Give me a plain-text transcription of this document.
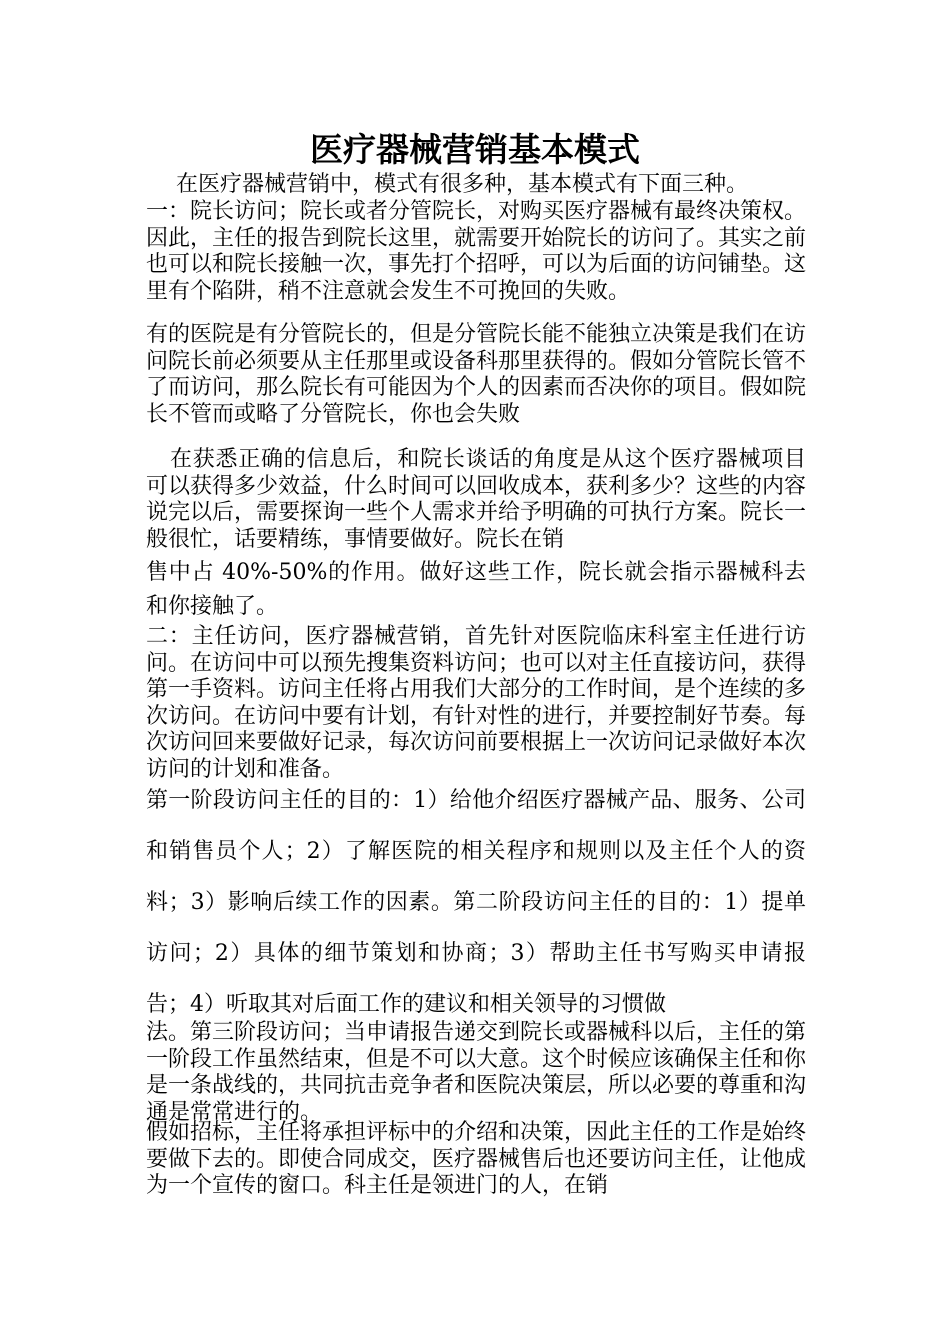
医疗器械营销基本模式

在医疗器械营销中，模式有很多种，基本模式有下面三种。

一：院长访问；院长或者分管院长，对购买医疗器械有最终决策权。因此，主任的报告到院长这里，就需要开始院长的访问了。其实之前也可以和院长接触一次，事先打个招呼，可以为后面的访问铺垫。这里有个陷阱，稍不注意就会发生不可挽回的失败。

有的医院是有分管院长的，但是分管院长能不能独立决策是我们在访问院长前必须要从主任那里或设备科那里获得的。假如分管院长管不了而访问，那么院长有可能因为个人的因素而否决你的项目。假如院长不管而或略了分管院长，你也会失败

在获悉正确的信息后，和院长谈话的角度是从这个医疗器械项目可以获得多少效益，什么时间可以回收成本，获利多少？这些的内容说完以后，需要探询一些个人需求并给予明确的可执行方案。院长一般很忙，话要精练，事情要做好。院长在销

售中占 40%-50%的作用。做好这些工作，院长就会指示器械科去和你接触了。

二：主任访问，医疗器械营销，首先针对医院临床科室主任进行访问。在访问中可以预先搜集资料访问；也可以对主任直接访问，获得第一手资料。访问主任将占用我们大部分的工作时间，是个连续的多次访问。在访问中要有计划，有针对性的进行，并要控制好节奏。每次访问回来要做好记录，每次访问前要根据上一次访问记录做好本次访问的计划和准备。

第一阶段访问主任的目的：1）给他介绍医疗器械产品、服务、公司和销售员个人；2）了解医院的相关程序和规则以及主任个人的资料；3）影响后续工作的因素。第二阶段访问主任的目的：1）提单访问；2）具体的细节策划和协商；3）帮助主任书写购买申请报告；4）听取其对后面工作的建议和相关领导的习惯做

法。第三阶段访问；当申请报告递交到院长或器械科以后，主任的第一阶段工作虽然结束，但是不可以大意。这个时候应该确保主任和你是一条战线的，共同抗击竞争者和医院决策层，所以必要的尊重和沟通是常常进行的。

假如招标，主任将承担评标中的介绍和决策，因此主任的工作是始终要做下去的。即使合同成交，医疗器械售后也还要访问主任，让他成为一个宣传的窗口。科主任是领进门的人，在销
